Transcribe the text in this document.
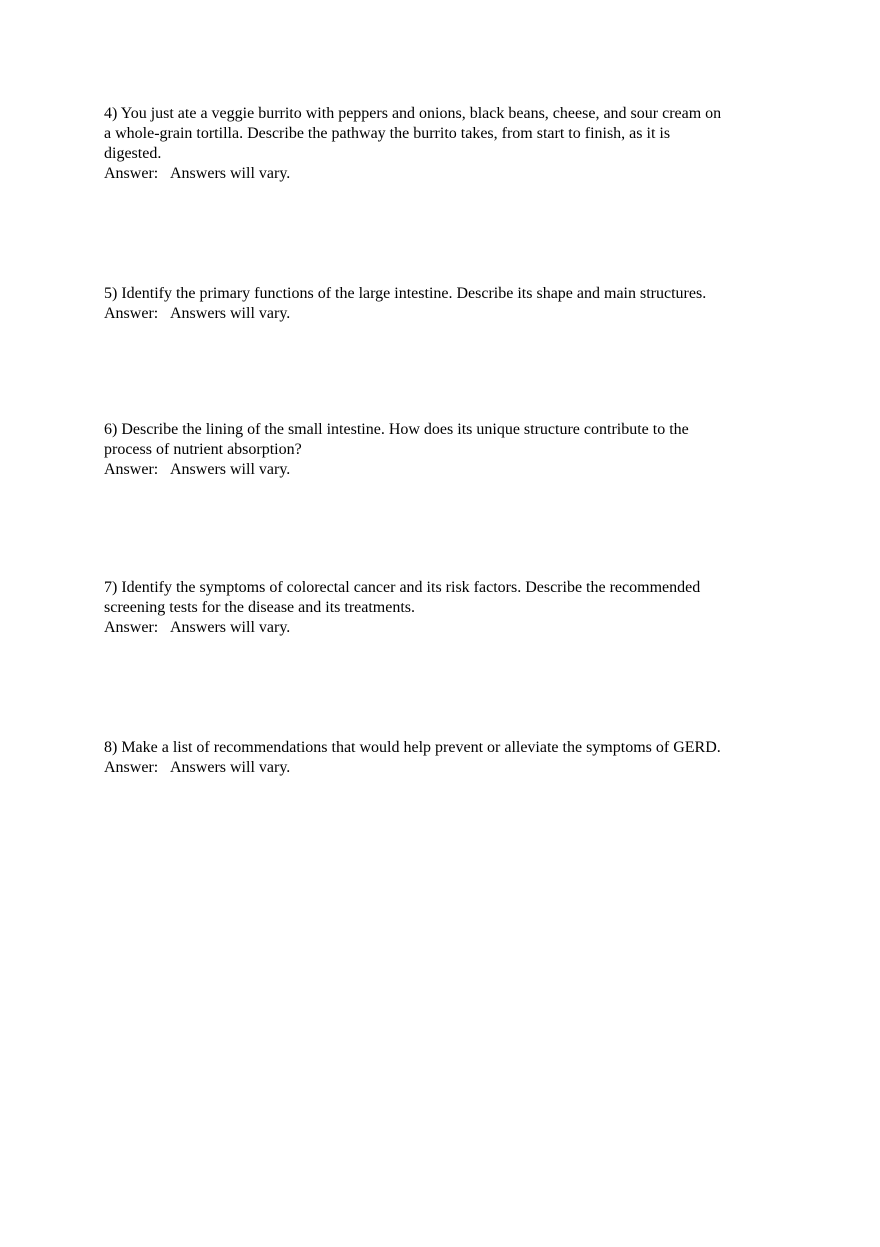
4) You just ate a veggie burrito with peppers and onions, black beans, cheese, and sour cream on
a whole-grain tortilla. Describe the pathway the burrito takes, from start to finish, as it is
digested.

Answer: Answers will vary.

5) Identify the primary functions of the large intestine. Describe its shape and main structures.

Answer: Answers will vary.

6) Describe the lining of the small intestine. How does its unique structure contribute to the
process of nutrient absorption?

Answer: Answers will vary.

7) Identify the symptoms of colorectal cancer and its risk factors. Describe the recommended
screening tests for the disease and its treatments.

Answer: Answers will vary.

8) Make a list of recommendations that would help prevent or alleviate the symptoms of GERD.

Answer: Answers will vary.
